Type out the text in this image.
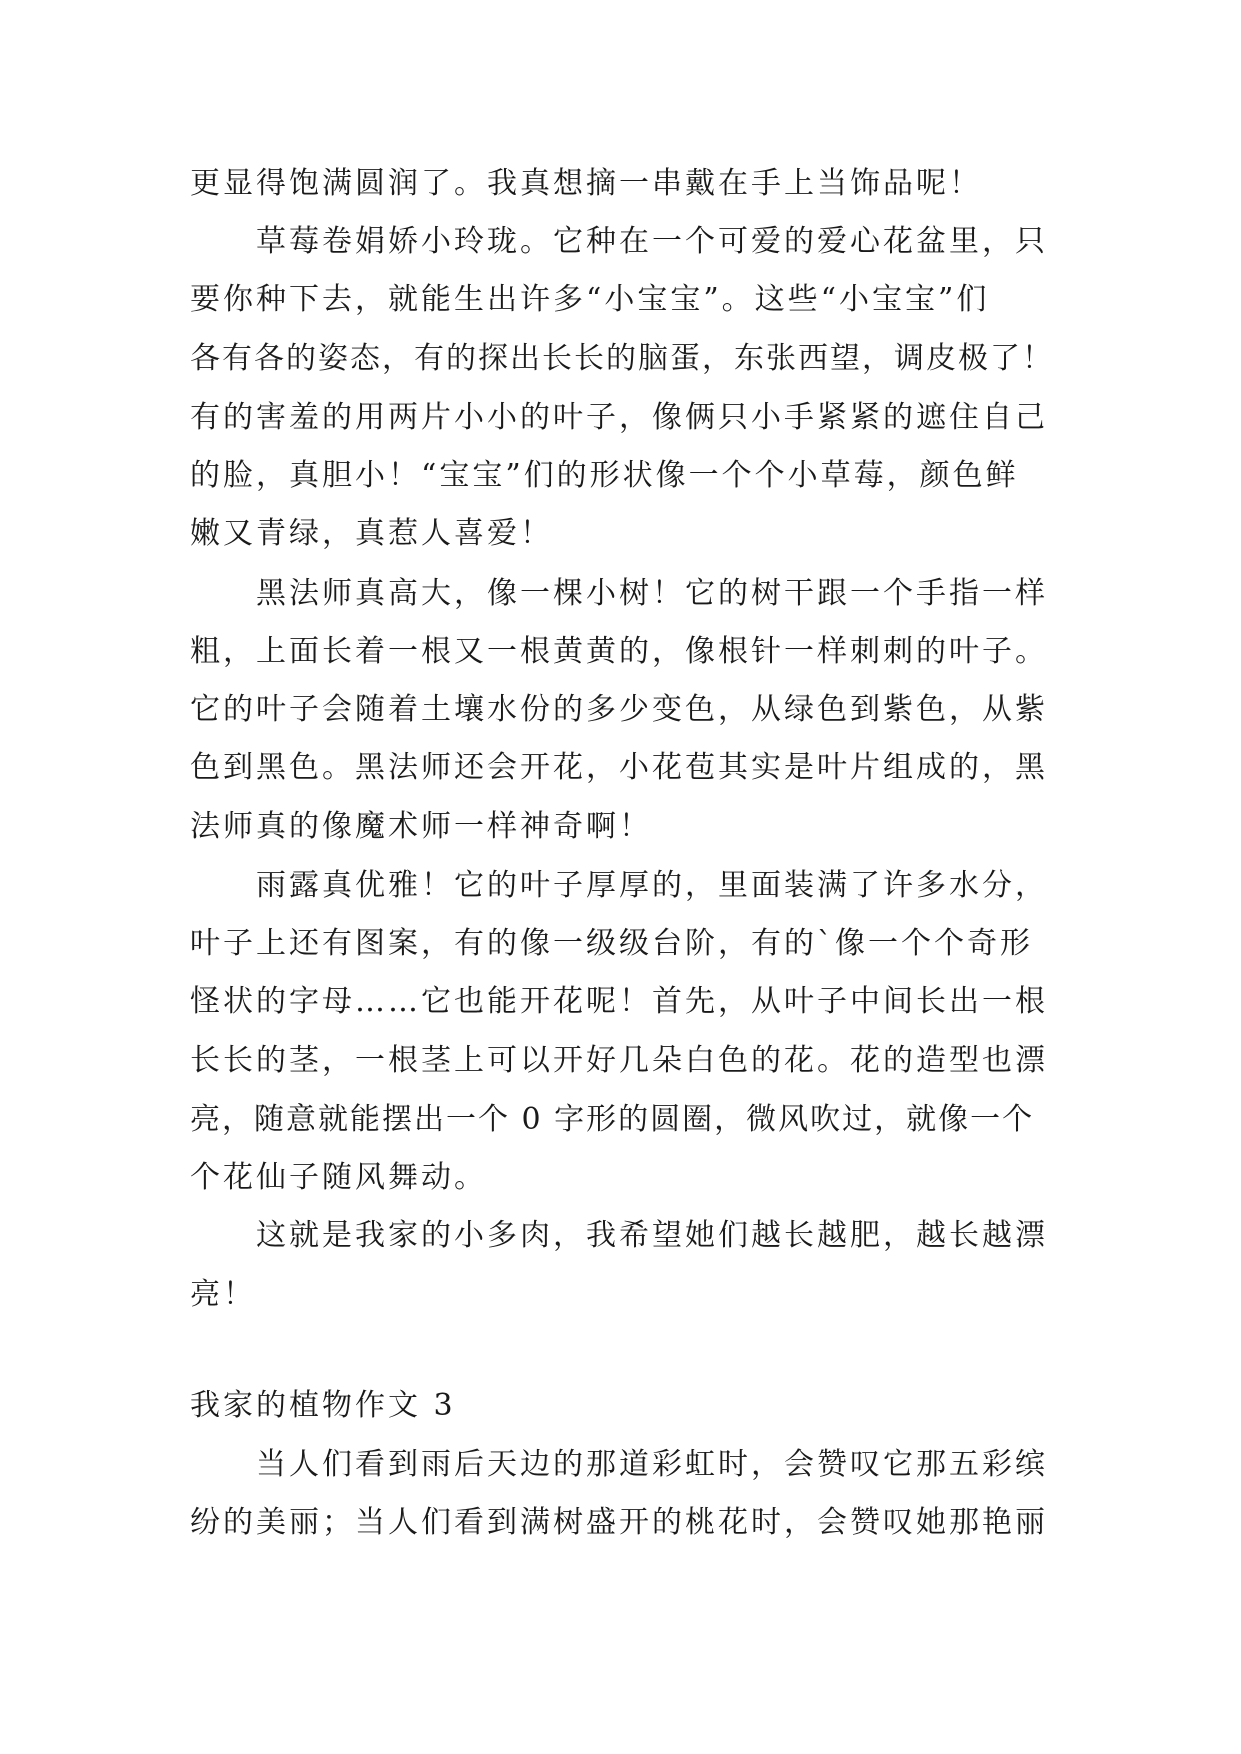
更显得饱满圆润了。我真想摘一串戴在手上当饰品呢！
草莓卷娟娇小玲珑。它种在一个可爱的爱心花盆里，只
要你种下去，就能生出许多“小宝宝”。这些“小宝宝”们
各有各的姿态，有的探出长长的脑蛋，东张西望，调皮极了！
有的害羞的用两片小小的叶子，像俩只小手紧紧的遮住自己
的脸，真胆小！“宝宝”们的形状像一个个小草莓，颜色鲜
嫩又青绿，真惹人喜爱！
黑法师真高大，像一棵小树！它的树干跟一个手指一样
粗，上面长着一根又一根黄黄的，像根针一样刺刺的叶子。
它的叶子会随着土壤水份的多少变色，从绿色到紫色，从紫
色到黑色。黑法师还会开花，小花苞其实是叶片组成的，黑
法师真的像魔术师一样神奇啊！
雨露真优雅！它的叶子厚厚的，里面装满了许多水分，
叶子上还有图案，有的像一级级台阶，有的`像一个个奇形
怪状的字母……它也能开花呢！首先，从叶子中间长出一根
长长的茎，一根茎上可以开好几朵白色的花。花的造型也漂
亮，随意就能摆出一个 0 字形的圆圈，微风吹过，就像一个
个花仙子随风舞动。
这就是我家的小多肉，我希望她们越长越肥，越长越漂
亮！
我家的植物作文 3
当人们看到雨后天边的那道彩虹时，会赞叹它那五彩缤
纷的美丽；当人们看到满树盛开的桃花时，会赞叹她那艳丽
